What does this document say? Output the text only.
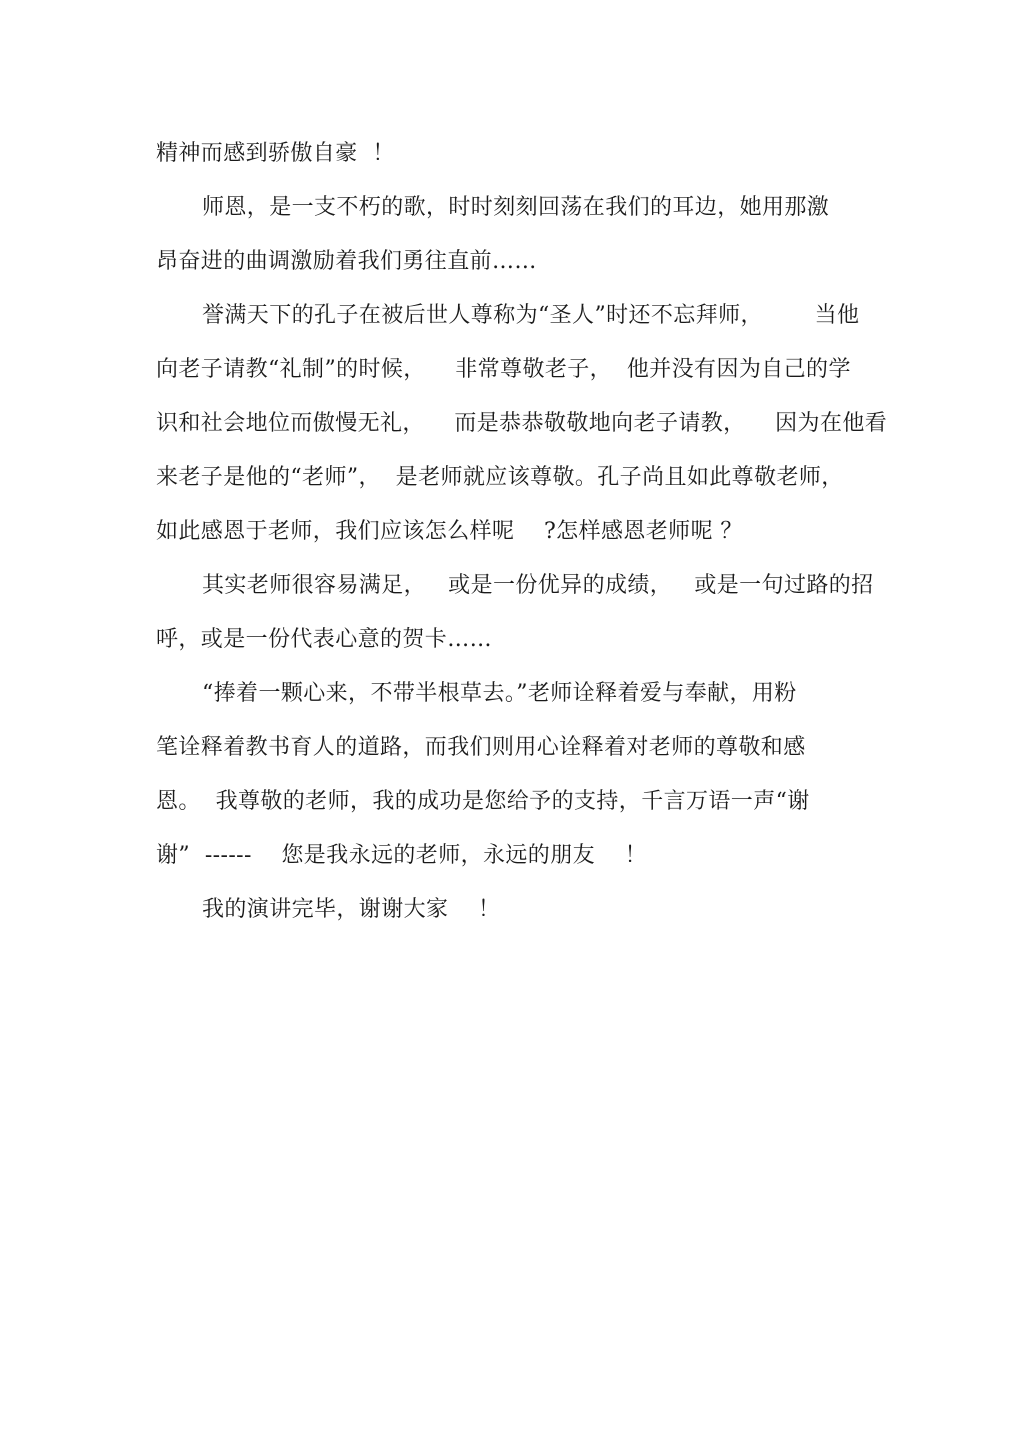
精神而感到骄傲自豪  ！
师恩，是一支不朽的歌，时时刻刻回荡在我们的耳边，她用那激
昂奋进的曲调激励着我们勇往直前……
誉满天下的孔子在被后世人尊称为“圣人”时还不忘拜师，       当他
向老子请教“礼制”的时候，    非常尊敬老子，  他并没有因为自己的学
识和社会地位而傲慢无礼，    而是恭恭敬敬地向老子请教，    因为在他看
来老子是他的“老师”，  是老师就应该尊敬。孔子尚且如此尊敬老师，
如此感恩于老师，我们应该怎么样呢    ?怎样感恩老师呢 ？
其实老师很容易满足，   或是一份优异的成绩，   或是一句过路的招
呼，或是一份代表心意的贺卡……
“捧着一颗心来，不带半根草去。”老师诠释着爱与奉献，用粉
笔诠释着教书育人的道路，而我们则用心诠释着对老师的尊敬和感
恩。  我尊敬的老师，我的成功是您给予的支持，千言万语一声“谢
谢”  ------    您是我永远的老师，永远的朋友    ！
我的演讲完毕，谢谢大家    ！
